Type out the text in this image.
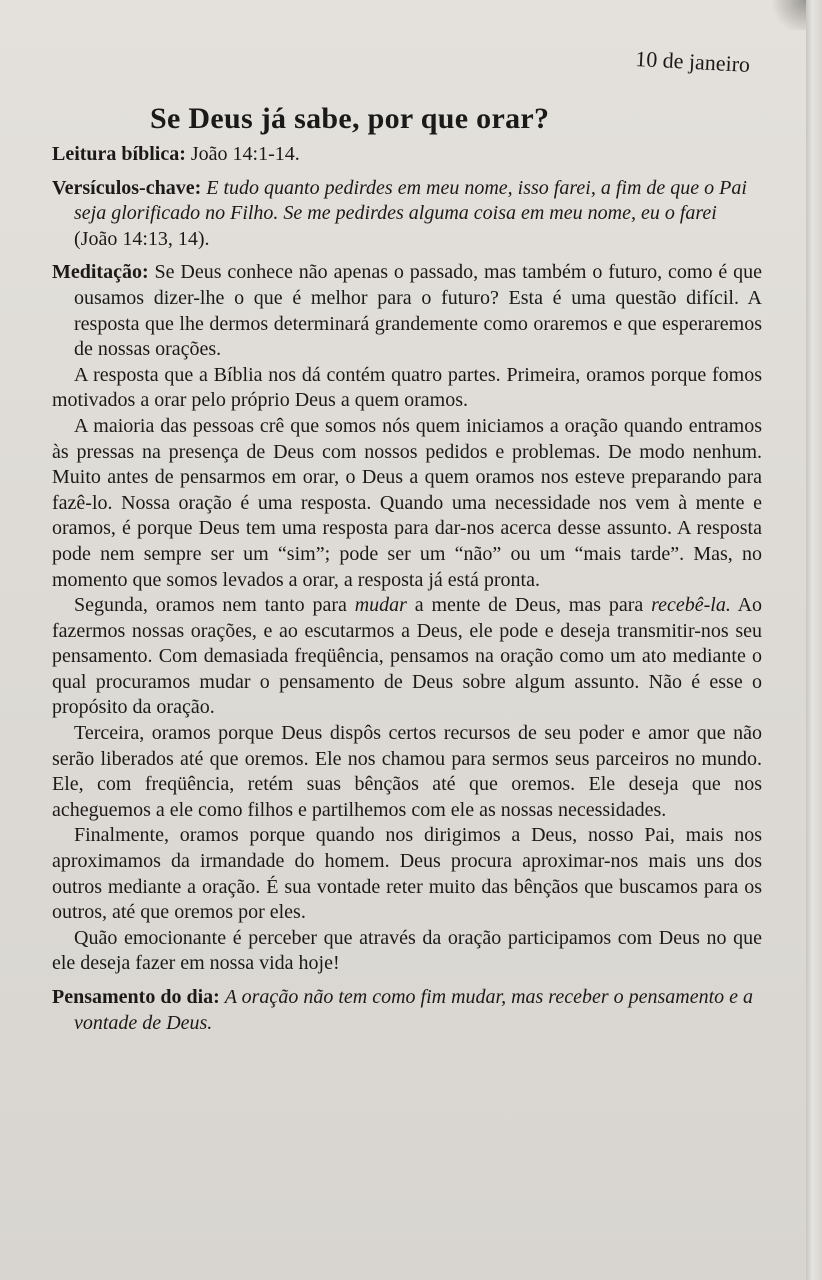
10 de janeiro
Se Deus já sabe, por que orar?
Leitura bíblica: João 14:1-14.
Versículos-chave: E tudo quanto pedirdes em meu nome, isso farei, a fim de que o Pai seja glorificado no Filho. Se me pedirdes alguma coisa em meu nome, eu o farei (João 14:13, 14).
Meditação: Se Deus conhece não apenas o passado, mas também o futuro, como é que ousamos dizer-lhe o que é melhor para o futuro? Esta é uma questão difícil. A resposta que lhe dermos determinará grandemente como oraremos e que esperaremos de nossas orações.
A resposta que a Bíblia nos dá contém quatro partes. Primeira, oramos porque fomos motivados a orar pelo próprio Deus a quem oramos.
A maioria das pessoas crê que somos nós quem iniciamos a oração quando entramos às pressas na presença de Deus com nossos pedidos e problemas. De modo nenhum. Muito antes de pensarmos em orar, o Deus a quem oramos nos esteve preparando para fazê-lo. Nossa oração é uma resposta. Quando uma necessidade nos vem à mente e oramos, é porque Deus tem uma resposta para dar-nos acerca desse assunto. A resposta pode nem sempre ser um “sim”; pode ser um “não” ou um “mais tarde”. Mas, no momento que somos levados a orar, a resposta já está pronta.
Segunda, oramos nem tanto para mudar a mente de Deus, mas para recebê-la. Ao fazermos nossas orações, e ao escutarmos a Deus, ele pode e deseja transmitir-nos seu pensamento. Com demasiada freqüência, pensamos na oração como um ato mediante o qual procuramos mudar o pensamento de Deus sobre algum assunto. Não é esse o propósito da oração.
Terceira, oramos porque Deus dispôs certos recursos de seu poder e amor que não serão liberados até que oremos. Ele nos chamou para sermos seus parceiros no mundo. Ele, com freqüência, retém suas bênçãos até que oremos. Ele deseja que nos acheguemos a ele como filhos e partilhemos com ele as nossas necessidades.
Finalmente, oramos porque quando nos dirigimos a Deus, nosso Pai, mais nos aproximamos da irmandade do homem. Deus procura aproximar-nos mais uns dos outros mediante a oração. É sua vontade reter muito das bênçãos que buscamos para os outros, até que oremos por eles.
Quão emocionante é perceber que através da oração participamos com Deus no que ele deseja fazer em nossa vida hoje!
Pensamento do dia: A oração não tem como fim mudar, mas receber o pensamento e a vontade de Deus.
